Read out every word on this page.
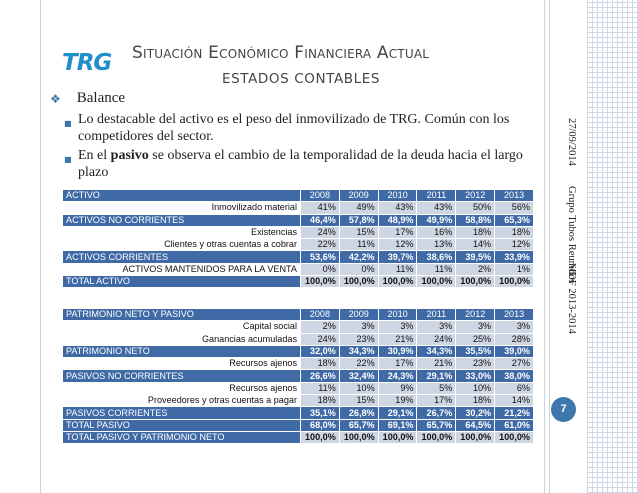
TRG Situación Económico Financiera Actual
ESTADOS CONTABLES
❖ Balance
■ Lo destacable del activo es el peso del inmovilizado de TRG. Común con los competidores del sector.
■ En el pasivo se observa el cambio de la temporalidad de la deuda hacia el largo plazo
ACTIVO	2008	2009	2010	2011	2012	2013
Inmovilizado material	41%	49%	43%	43%	50%	56%
ACTIVOS NO CORRIENTES	46,4%	57,8%	48,9%	49,9%	58,8%	65,3%
Existencias	24%	15%	17%	16%	18%	18%
Clientes y otras cuentas a cobrar	22%	11%	12%	13%	14%	12%
ACTIVOS CORRIENTES	53,6%	42,2%	39,7%	38,6%	39,5%	33,9%
ACTIVOS MANTENIDOS PARA LA VENTA	0%	0%	11%	11%	2%	1%
TOTAL ACTIVO	100,0%	100,0%	100,0%	100,0%	100,0%	100,0%
PATRIMONIO NETO Y PASIVO	2008	2009	2010	2011	2012	2013
Capital social	2%	3%	3%	3%	3%	3%
Ganancias acumuladas	24%	23%	21%	24%	25%	28%
PATRIMONIO NETO	32,0%	34,3%	30,9%	34,3%	35,5%	39,0%
Recursos ajenos	18%	22%	17%	21%	23%	27%
PASIVOS NO CORRIENTES	26,6%	32,4%	24,3%	29,1%	33,0%	38,0%
Recursos ajenos	11%	10%	9%	5%	10%	6%
Proveedores y otras cuentas a pagar	18%	15%	19%	17%	18%	14%
PASIVOS CORRIENTES	35,1%	26,8%	29,1%	26,7%	30,2%	21,2%
TOTAL PASIVO	68,0%	65,7%	69,1%	65,7%	64,5%	61,0%
TOTAL PASIVO Y PATRIMONIO NETO	100,0%	100,0%	100,0%	100,0%	100,0%	100,0%
27/09/2014
Grupo Tubos Reunidos
MDF 2013-2014
7
